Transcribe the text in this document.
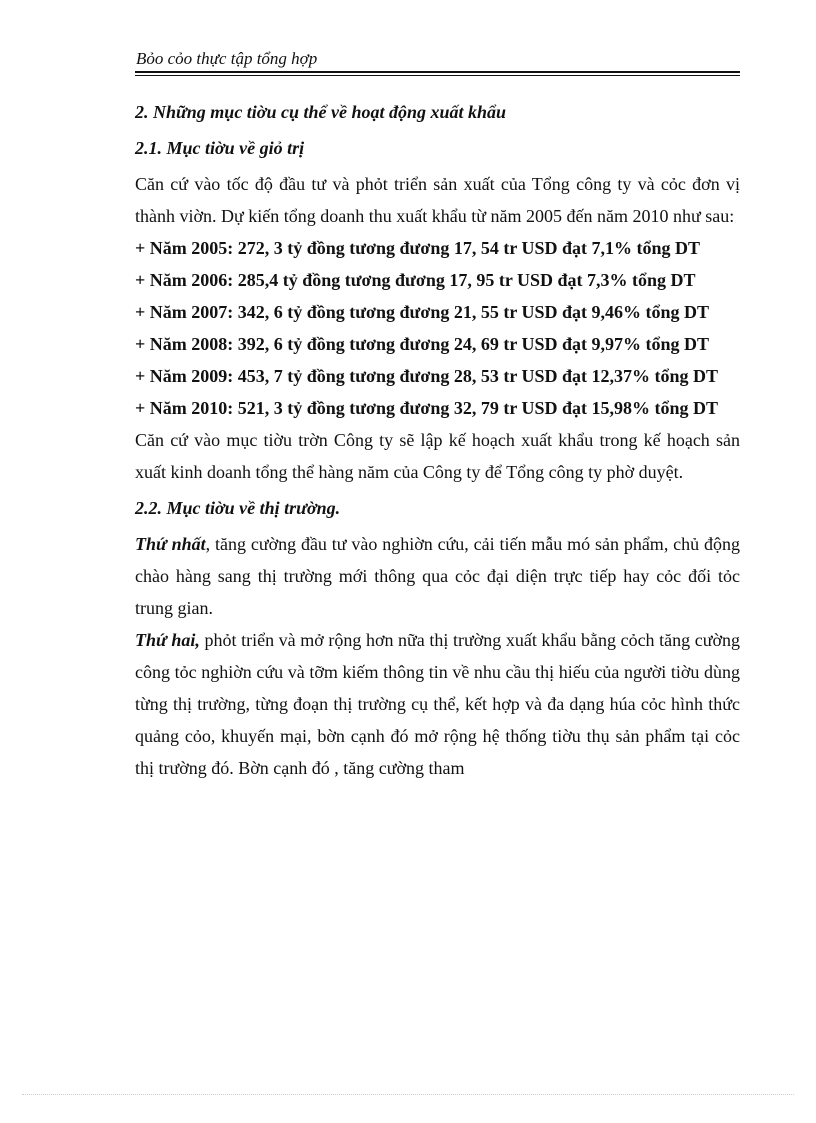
Bỏo cỏo thực tập tổng hợp
2. Những mục tiờu cụ thể về hoạt động xuất khẩu
2.1. Mục tiờu về giỏ trị

Căn cứ vào tốc độ đầu tư và phỏt triển sản xuất của Tổng công ty và cỏc đơn vị thành viờn. Dự kiến tổng doanh thu xuất khẩu từ năm 2005 đến năm 2010 như sau:

+ Năm 2005: 272, 3 tỷ đồng tương đương 17, 54 tr USD đạt 7,1% tổng DT

+ Năm 2006: 285,4 tỷ đồng tương đương 17, 95 tr USD đạt 7,3% tổng DT

+ Năm 2007: 342, 6 tỷ đồng tương đương 21, 55 tr USD đạt 9,46% tổng DT

+ Năm 2008: 392, 6 tỷ đồng tương đương 24, 69 tr USD đạt 9,97% tổng DT

+ Năm 2009: 453, 7 tỷ đồng tương đương 28, 53 tr USD đạt 12,37% tổng DT

+ Năm 2010: 521, 3 tỷ đồng tương đương 32, 79 tr USD đạt 15,98% tổng DT

Căn cứ vào mục tiờu trờn Công ty sẽ lập kế hoạch xuất khẩu trong kế hoạch sản xuất kinh doanh tổng thể hàng năm của Công ty để Tổng công ty phờ duyệt.

2.2. Mục tiờu về thị trường.

Thứ nhất, tăng cường đầu tư vào nghiờn cứu, cải tiến mẫu mó sản phẩm, chủ động chào hàng sang thị trường mới thông qua cỏc đại diện trực tiếp hay cỏc đối tỏc trung gian.

Thứ hai, phỏt triển và mở rộng hơn nữa thị trường xuất khẩu bằng cỏch tăng cường công tỏc nghiờn cứu và tỡm kiếm thông tin về nhu cầu thị hiếu của người tiờu dùng từng thị trường, từng đoạn thị trường cụ thể, kết hợp và đa dạng húa cỏc hình thức quảng cỏo, khuyến mại, bờn cạnh đó mở rộng hệ thống tiờu thụ sản phẩm tại cỏc thị trường đó. Bờn cạnh đó , tăng cường tham
